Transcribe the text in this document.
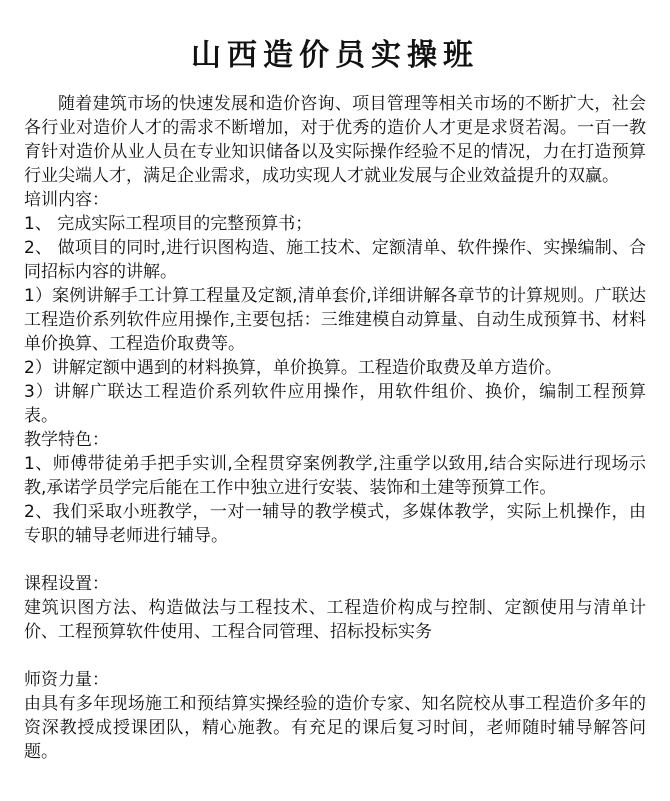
山西造价员实操班
随着建筑市场的快速发展和造价咨询、项目管理等相关市场的不断扩大，社会各行业对造价人才的需求不断增加，对于优秀的造价人才更是求贤若渴。一百一教育针对造价从业人员在专业知识储备以及实际操作经验不足的情况，力在打造预算行业尖端人才，满足企业需求，成功实现人才就业发展与企业效益提升的双赢。
培训内容：
1、 完成实际工程项目的完整预算书；
2、 做项目的同时,进行识图构造、施工技术、定额清单、软件操作、实操编制、合同招标内容的讲解。
1）案例讲解手工计算工程量及定额,清单套价,详细讲解各章节的计算规则。广联达工程造价系列软件应用操作,主要包括：三维建模自动算量、自动生成预算书、材料单价换算、工程造价取费等。
2）讲解定额中遇到的材料换算，单价换算。工程造价取费及单方造价。
3）讲解广联达工程造价系列软件应用操作，用软件组价、换价，编制工程预算表。
教学特色：
1、师傅带徒弟手把手实训,全程贯穿案例教学,注重学以致用,结合实际进行现场示教,承诺学员学完后能在工作中独立进行安装、装饰和土建等预算工作。
2、我们采取小班教学，一对一辅导的教学模式，多媒体教学，实际上机操作，由专职的辅导老师进行辅导。
课程设置：
建筑识图方法、构造做法与工程技术、工程造价构成与控制、定额使用与清单计价、工程预算软件使用、工程合同管理、招标投标实务
师资力量：
由具有多年现场施工和预结算实操经验的造价专家、知名院校从事工程造价多年的资深教授成授课团队，精心施教。有充足的课后复习时间，老师随时辅导解答问题。
